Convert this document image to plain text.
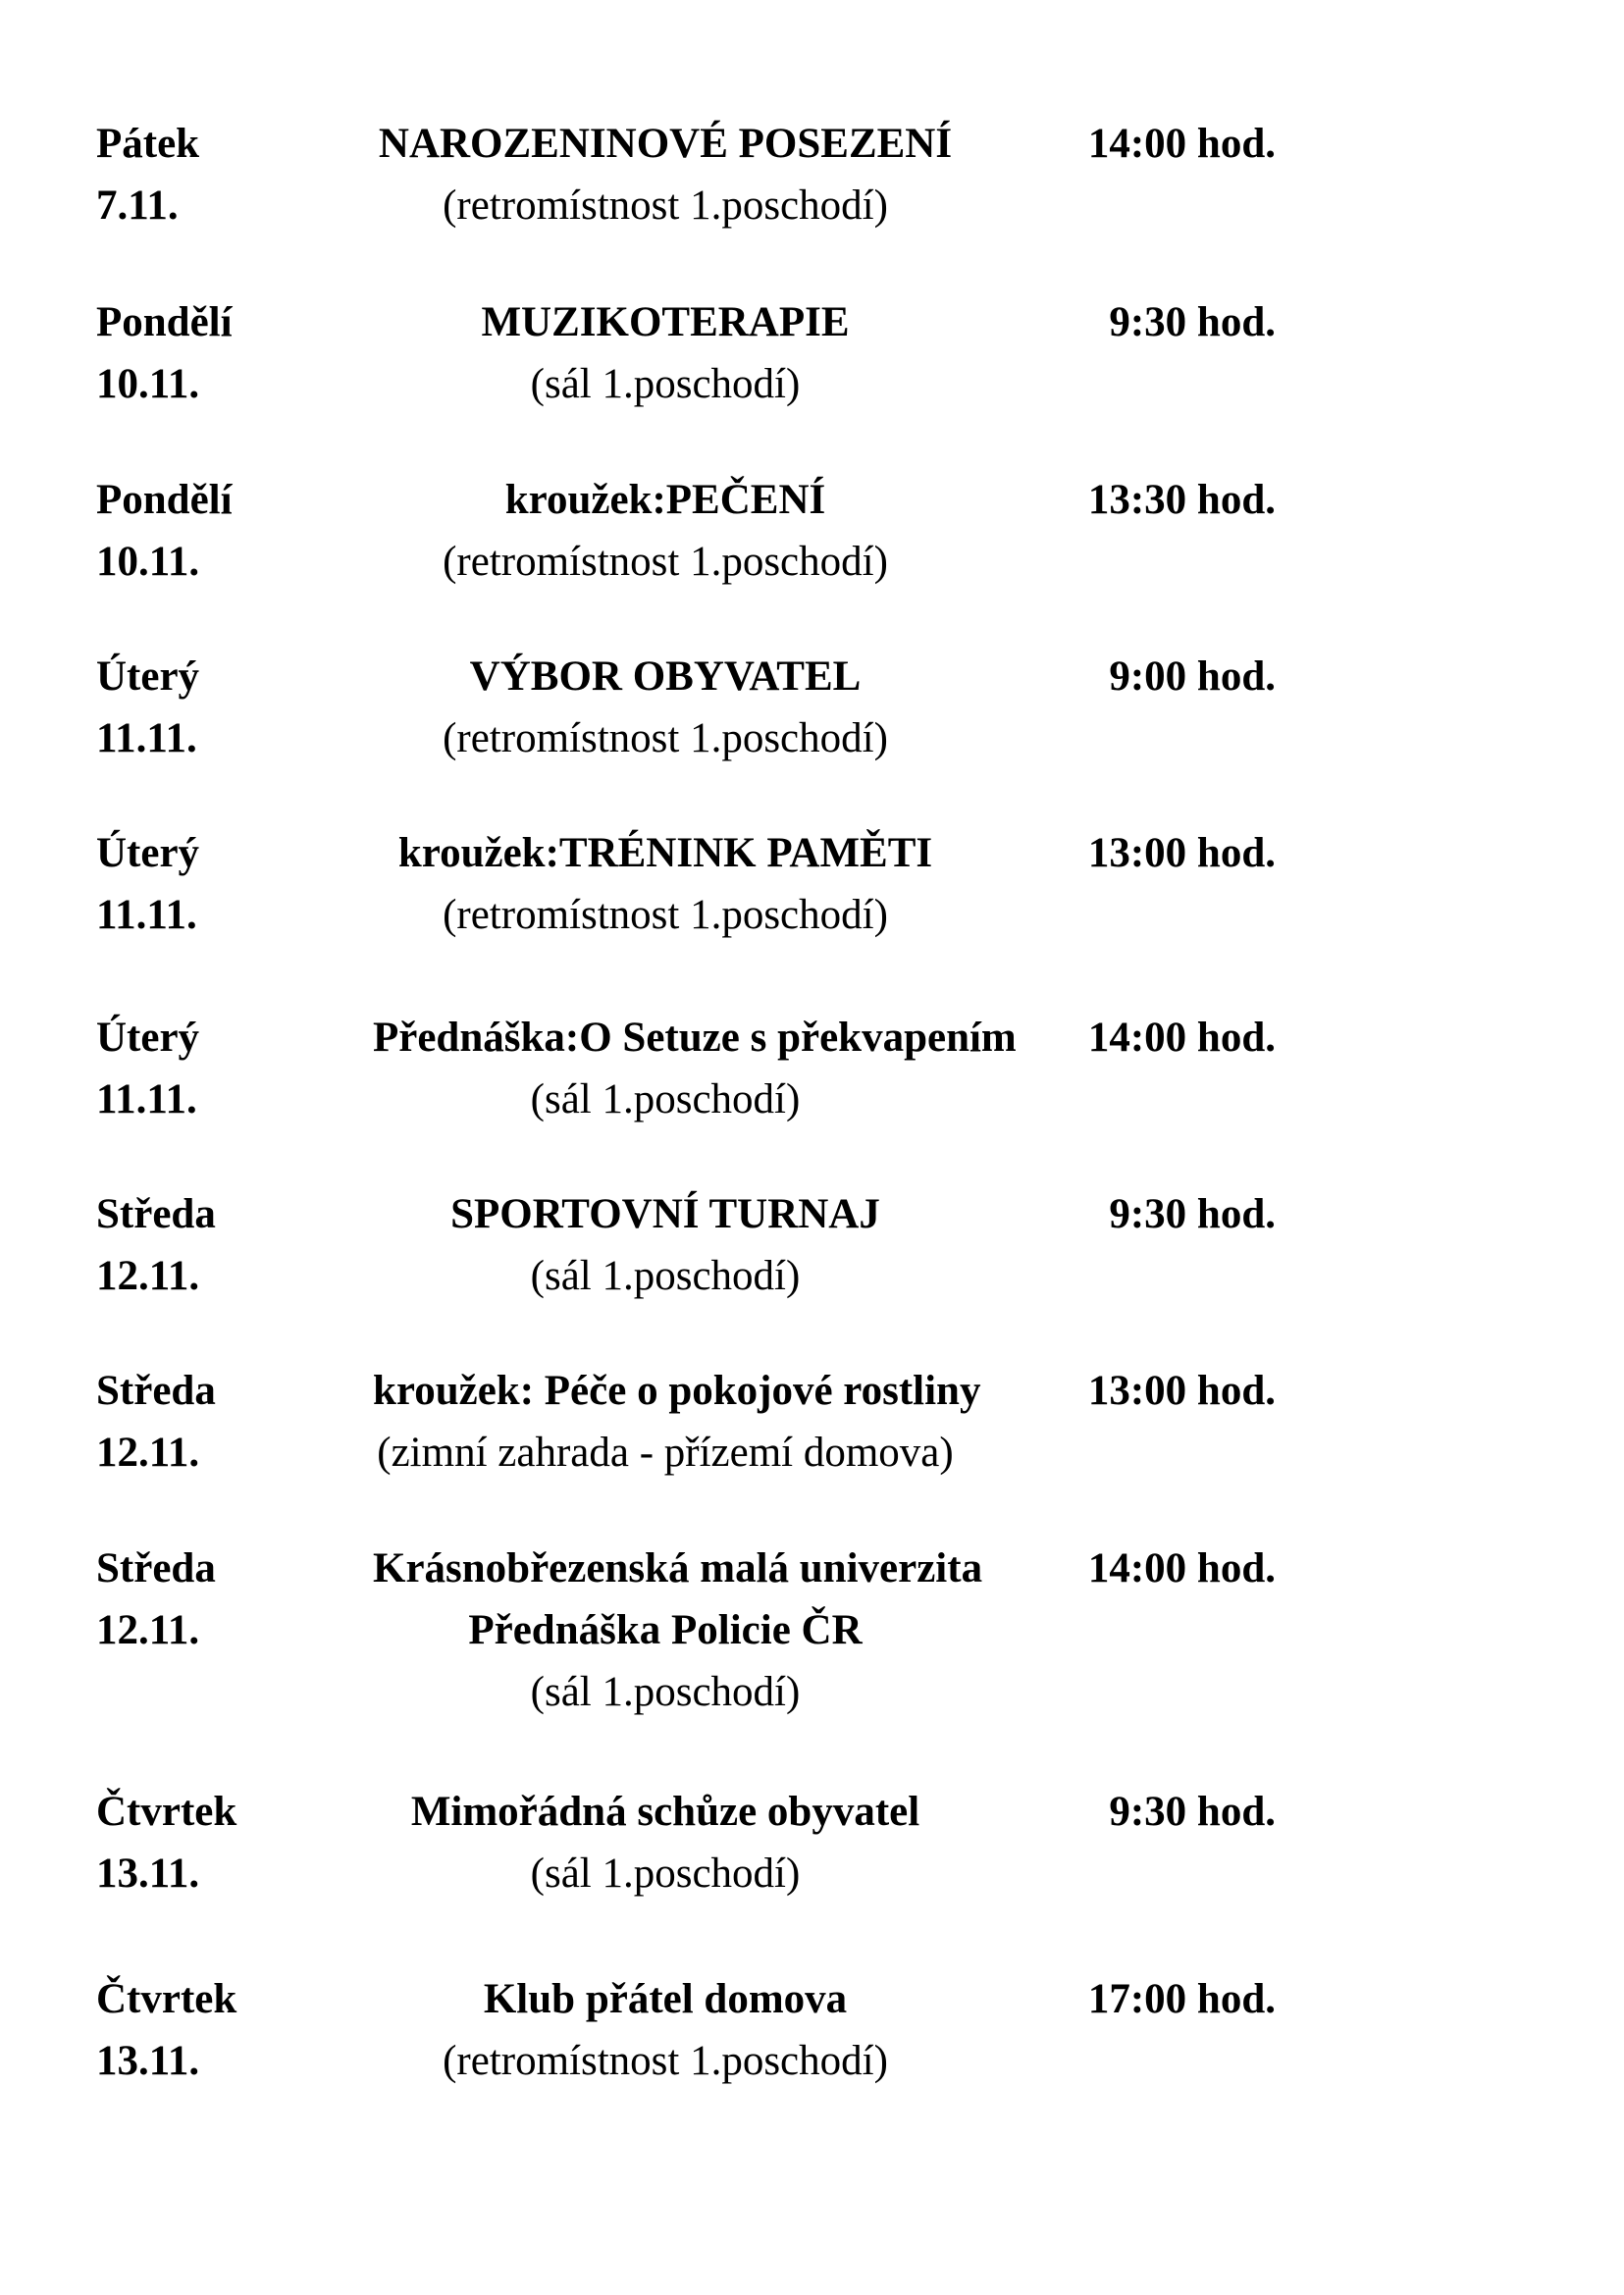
Pátek
7.11.
NAROZENINOVÉ POSEZENÍ
(retromístnost 1.poschodí)
14:00 hod.
Pondělí
10.11.
MUZIKOTERAPIE
(sál 1.poschodí)
9:30 hod.
Pondělí
10.11.
kroužek:PEČENÍ
(retromístnost 1.poschodí)
13:30 hod.
Úterý
11.11.
VÝBOR OBYVATEL
(retromístnost 1.poschodí)
9:00 hod.
Úterý
11.11.
kroužek:TRÉNINK PAMĚTI
(retromístnost 1.poschodí)
13:00 hod.
Úterý
11.11.
Přednáška:O Setuze s překvapením
(sál 1.poschodí)
14:00 hod.
Středa
12.11.
SPORTOVNÍ TURNAJ
(sál 1.poschodí)
9:30 hod.
Středa
12.11.
kroužek: Péče o pokojové rostliny
(zimní zahrada - přízemí domova)
13:00 hod.
Středa
12.11.
Krásnobřezenská malá univerzita
Přednáška Policie ČR
(sál 1.poschodí)
14:00 hod.
Čtvrtek
13.11.
Mimořádná schůze obyvatel
(sál 1.poschodí)
9:30 hod.
Čtvrtek
13.11.
Klub přátel domova
(retromístnost 1.poschodí)
17:00 hod.
